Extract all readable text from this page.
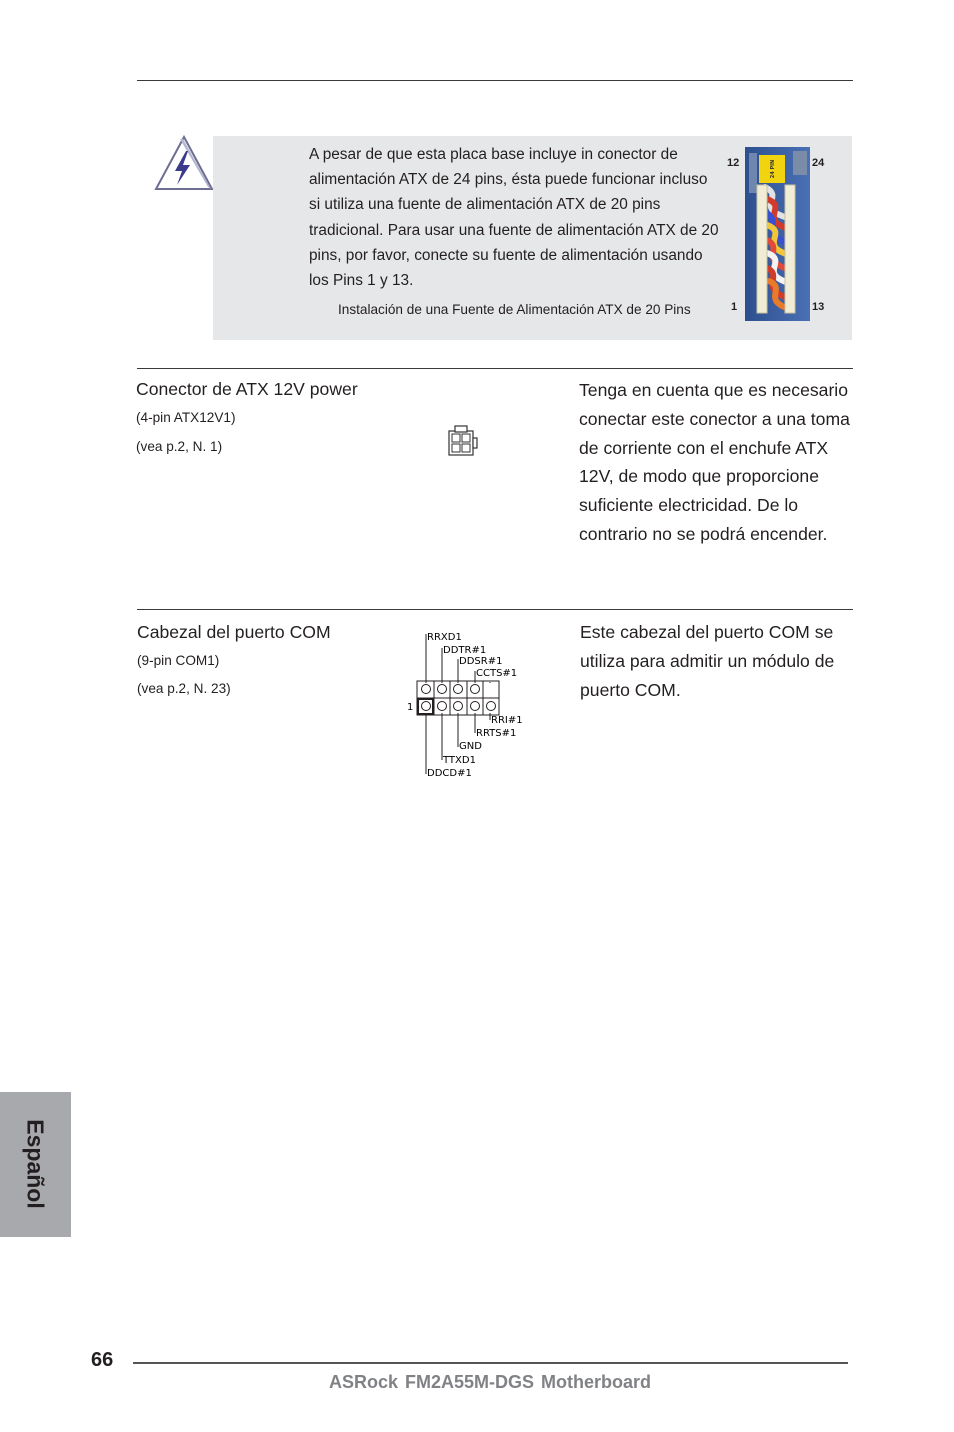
A pesar de que esta placa base incluye in conector de alimentación ATX de 24 pins, ésta puede funcionar incluso si utiliza una fuente de alimentación ATX de 20 pins tradicional. Para usar una fuente de alimentación ATX de 20 pins, por favor, conecte su fuente de alimentación usando los Pins 1 y 13.
Instalación de una Fuente de Alimentación ATX de 20 Pins
12	24
1	13
24 PIN
Conector de ATX 12V power
(4-pin ATX12V1)
(vea p.2, N. 1)
Tenga en cuenta que es necesario conectar este conector a una toma de corriente con el enchufe ATX 12V, de modo que proporcione suficiente electricidad. De lo contrario no se podrá encender.
Cabezal del puerto COM
(9-pin COM1)
(vea p.2, N. 23)
1
RRXD1
DDTR#1
DDSR#1
CCTS#1
RRI#1
RRTS#1
GND
TTXD1
DDCD#1
Este cabezal del puerto COM se utiliza para admitir un módulo de puerto COM.
Español
66
ASRock FM2A55M-DGS Motherboard
